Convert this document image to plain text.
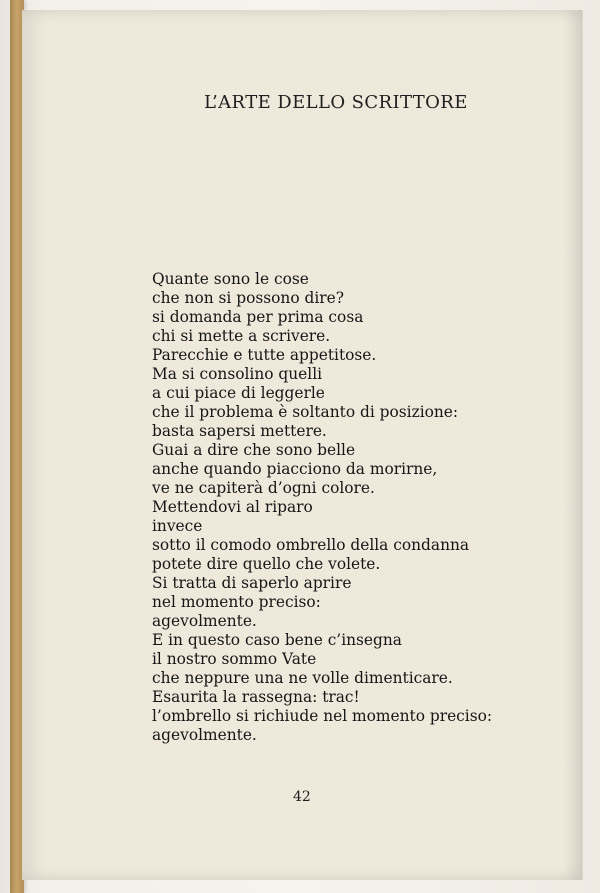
L’ARTE DELLO SCRITTORE
Quante sono le cose
che non si possono dire?
si domanda per prima cosa
chi si mette a scrivere.
Parecchie e tutte appetitose.
Ma si consolino quelli
a cui piace di leggerle
che il problema è soltanto di posizione:
basta sapersi mettere.
Guai a dire che sono belle
anche quando piacciono da morirne,
ve ne capiterà d’ogni colore.
Mettendovi al riparo
invece
sotto il comodo ombrello della condanna
potete dire quello che volete.
Si tratta di saperlo aprire
nel momento preciso:
agevolmente.
E in questo caso bene c’insegna
il nostro sommo Vate
che neppure una ne volle dimenticare.
Esaurita la rassegna: trac!
l’ombrello si richiude nel momento preciso:
agevolmente.
42
